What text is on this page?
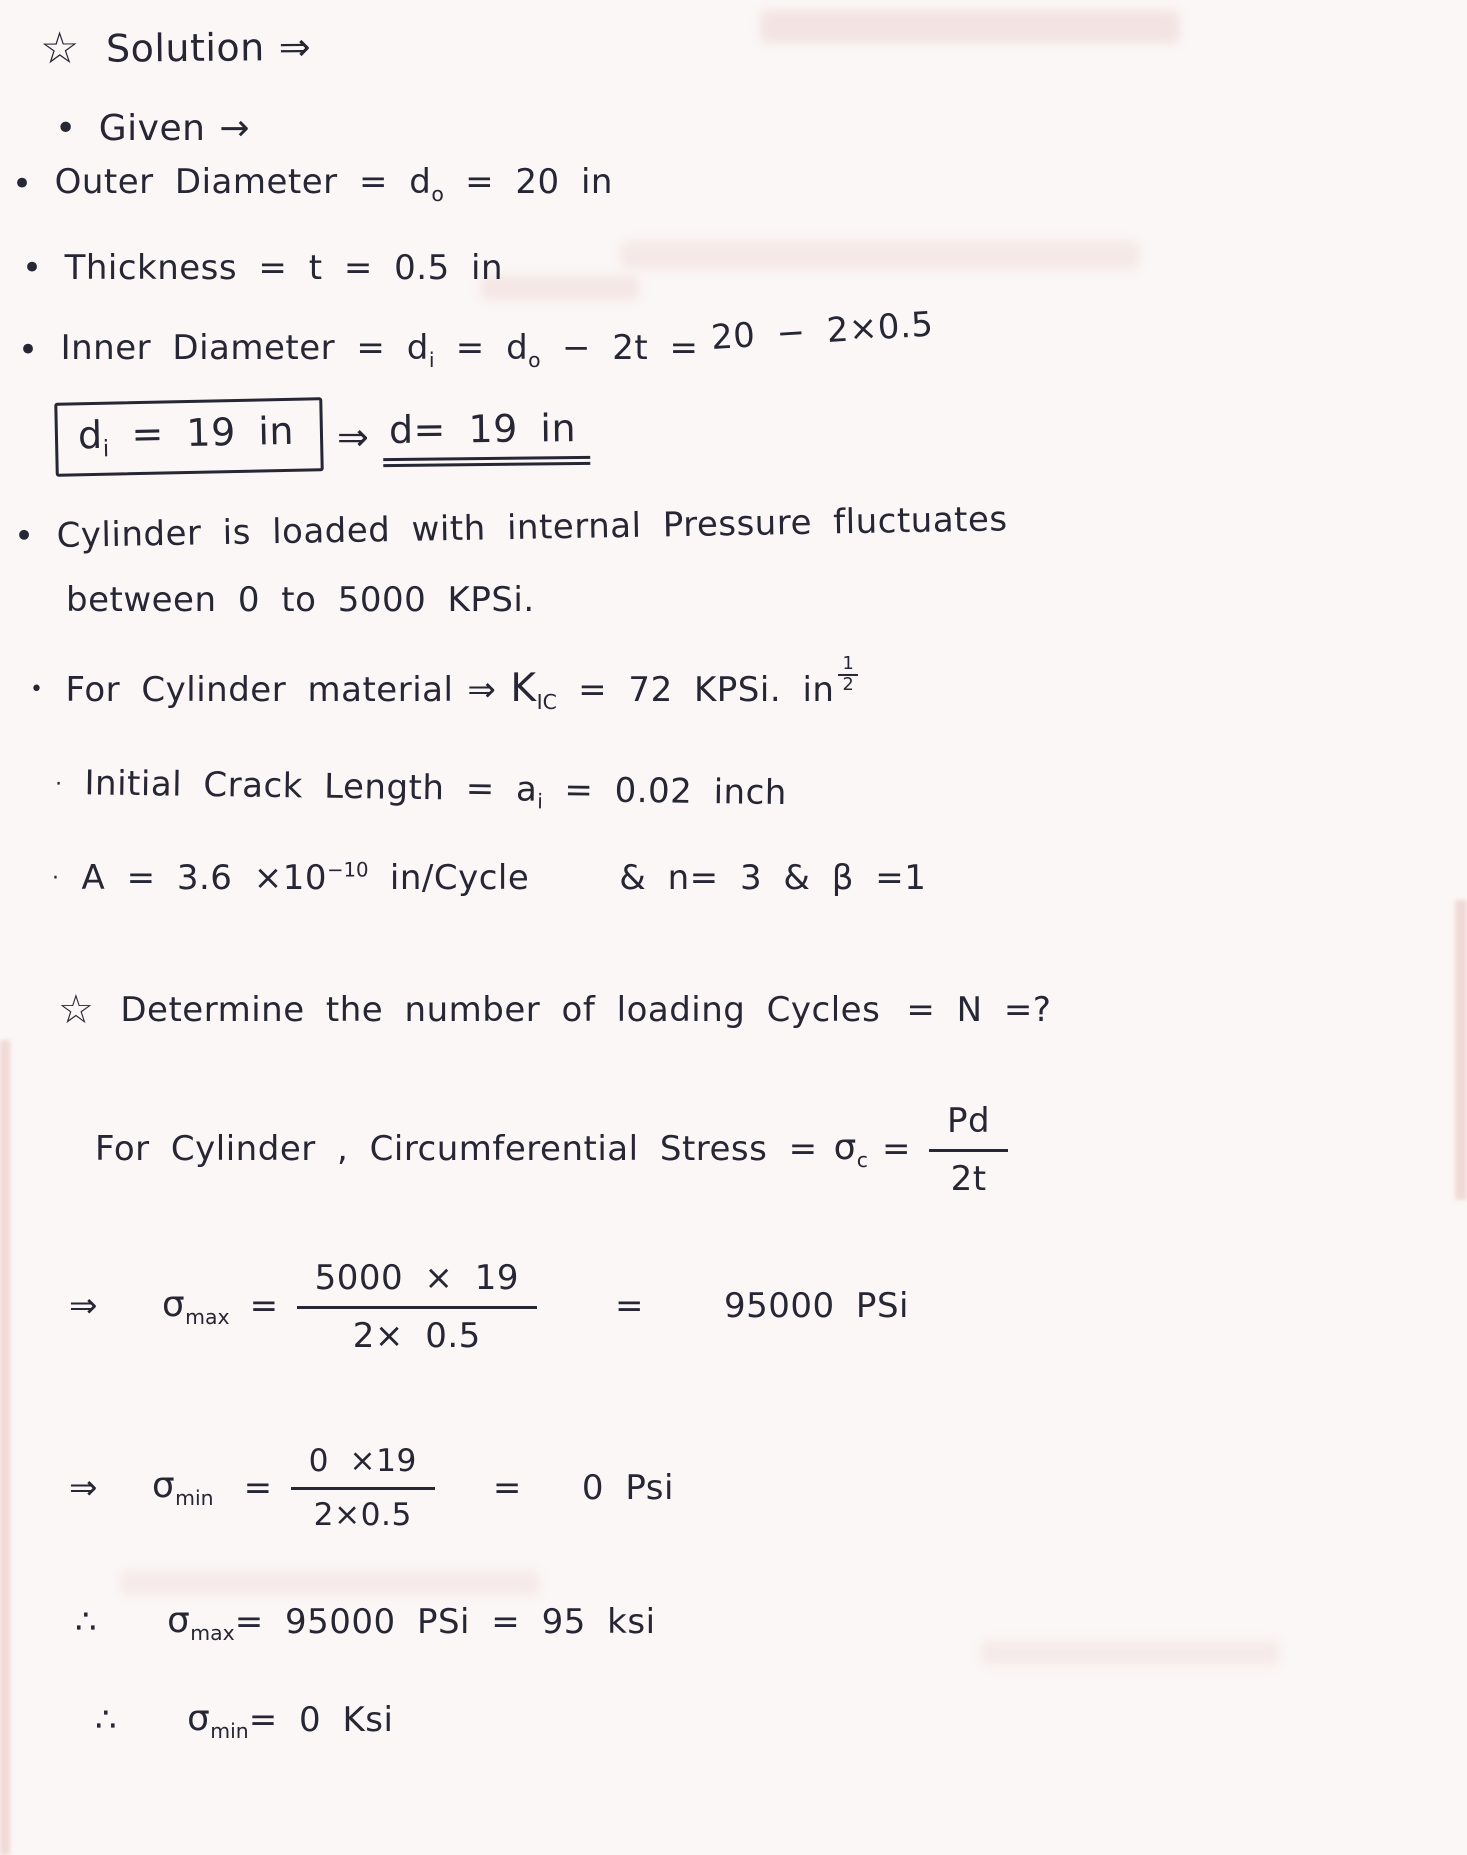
☆ Solution ⇒
• Given →
• Outer Diameter = $d_o = 20$ in
• Thickness = t = 0.5 in
• Inner Diameter = $d_i = d_o - 2t = 20 - 2\times 0.5$
$d_i = 19$ in	⇒ d= 19 in
• Cylinder is loaded with internal Pressure fluctuates
between 0 to 5000 KPSi.
• For Cylinder material ⇒ $K_{IC} = 72$ KPSi. in
1
2
· Initial Crack Length = $a_i = 0.02$ inch
· $A = 3.6 \times 10^{-10}$ in/Cycle	& n= 3 & β =1
☆ Determine the number of loading Cycles = N =?
For Cylinder , Circumferential Stress = $\sigma_c = \frac{Pd}{2t}$
⇒ $\sigma_{max} = \frac{5000 \times 19}{2\times 0.5} = 95000$ PSi
⇒ $\sigma_{min} = \frac{0 \times 19}{2\times 0.5} = 0$ Psi
∴ $\sigma_{max} = 95000$ PSi = 95 ksi
∴ $\sigma_{min} = 0$ Ksi
